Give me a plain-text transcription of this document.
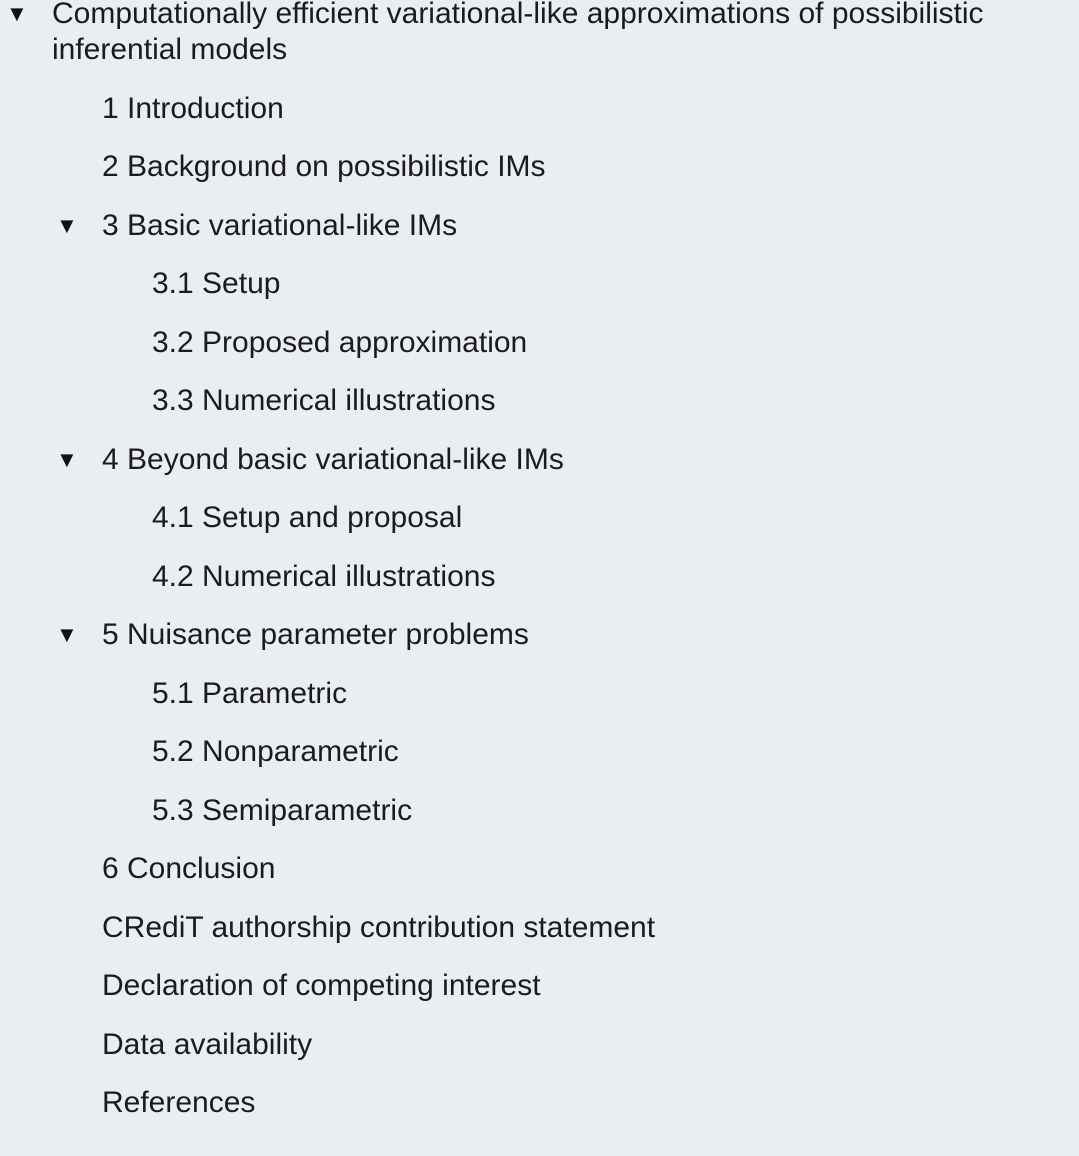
▼ Computationally efficient variational-like approximations of possibilistic inferential models
1 Introduction
2 Background on possibilistic IMs
▼ 3 Basic variational-like IMs
3.1 Setup
3.2 Proposed approximation
3.3 Numerical illustrations
▼ 4 Beyond basic variational-like IMs
4.1 Setup and proposal
4.2 Numerical illustrations
▼ 5 Nuisance parameter problems
5.1 Parametric
5.2 Nonparametric
5.3 Semiparametric
6 Conclusion
CRediT authorship contribution statement
Declaration of competing interest
Data availability
References
